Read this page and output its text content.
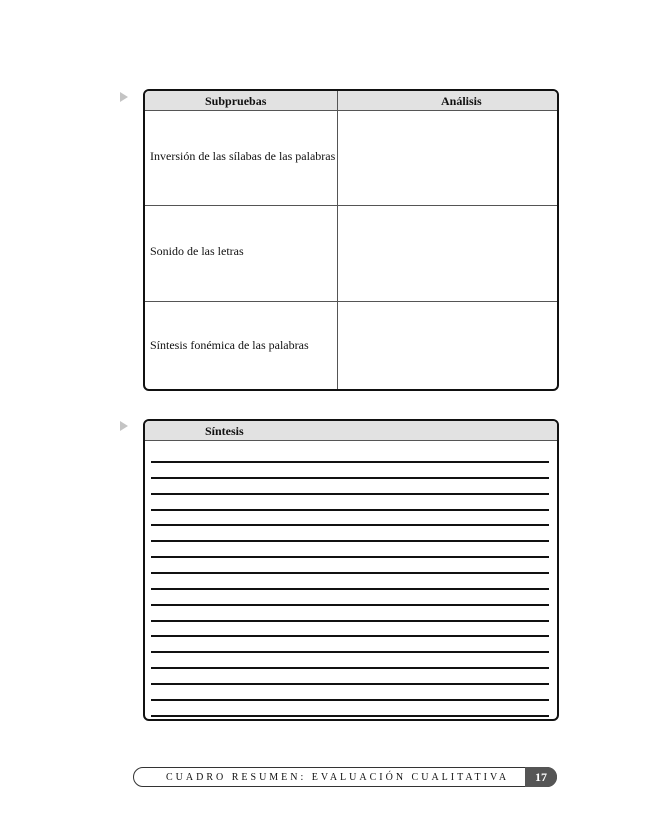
Subpruebas	Análisis
Inversión de las sílabas de las palabras
Sonido de las letras
Síntesis fonémica de las palabras
Síntesis
CUADRO RESUMEN: EVALUACIÓN CUALITATIVA	17
